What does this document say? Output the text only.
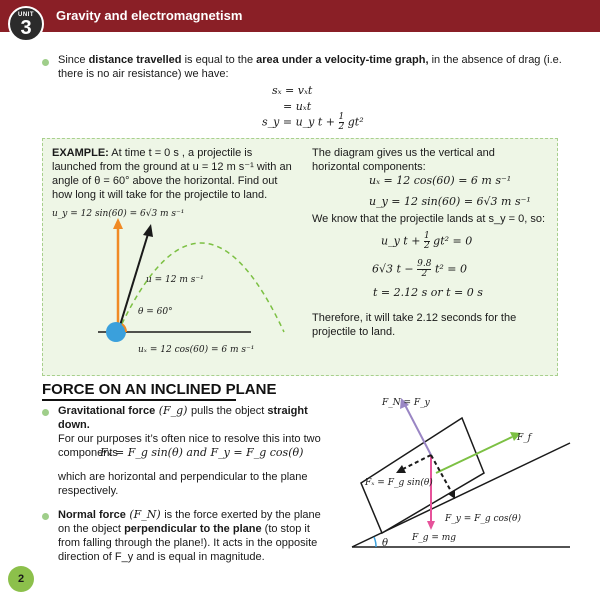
Gravity and electromagnetism
UNIT
3
Since distance travelled is equal to the area under a velocity-time graph, in the absence of drag (i.e. there is no air resistance) we have:
sₓ = vₓt
= uₓt
s_y = u_y $t + \frac{1}{2} gt^2$
EXAMPLE: At time t = 0 s , a projectile is launched from the ground at u = 12 m s⁻¹ with an angle of θ = 60° above the horizontal. Find out how long it will take for the projectile to land.
u_y = 12 sin(60) = 6√3 m s⁻¹
u = 12 m s⁻¹
θ = 60°
uₓ = 12 cos(60) = 6 m s⁻¹
The diagram gives us the vertical and horizontal components:
uₓ = 12 cos(60) = 6 m s⁻¹
u_y = 12 sin(60) = 6√3 m s⁻¹
We know that the projectile lands at s_y = 0, so:
u_y $t + \frac{1}{2} gt^2 = 0$
6√3 $t - \frac{9.8}{2} t^2 = 0$
t = 2.12 s or t = 0 s
Therefore, it will take 2.12 seconds for the projectile to land.
FORCE ON AN INCLINED PLANE
Gravitational force (F_g) pulls the object straight down.
For our purposes it’s often nice to resolve this into two components
Fₓ = F_g sin(θ) and F_y = F_g cos(θ)
which are horizontal and perpendicular to the plane respectively.
Normal force (F_N) is the force exerted by the plane on the object perpendicular to the plane (to stop it from falling through the plane!). It acts in the opposite direction of F_y and is equal in magnitude.
F_N = F_y
F_f
Fₓ = F_g sin(θ)
F_y = F_g cos(θ)
F_g = mg
θ
2
